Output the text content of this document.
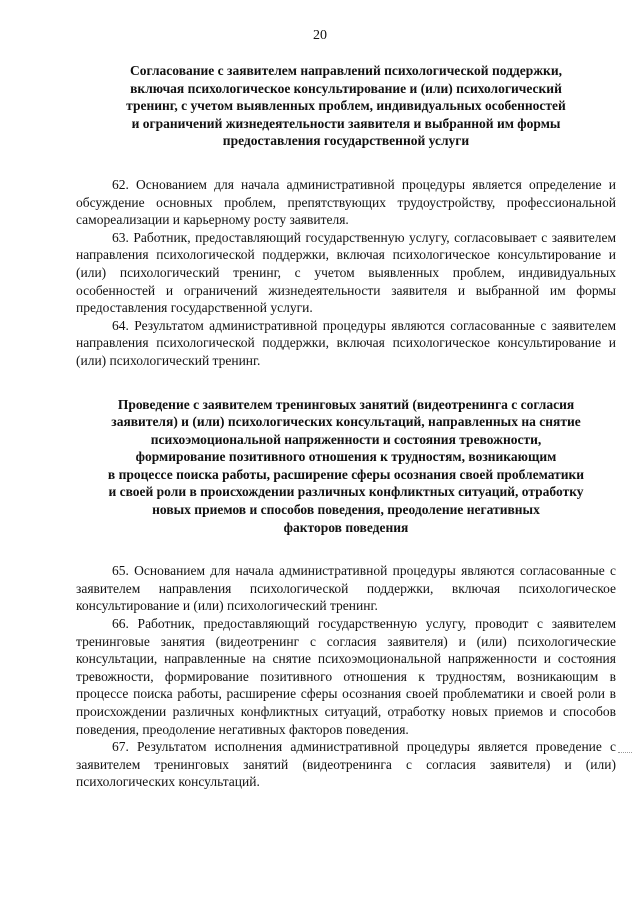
20
Согласование с заявителем направлений психологической поддержки,
включая психологическое консультирование и (или) психологический
тренинг, с учетом выявленных проблем, индивидуальных особенностей
и ограничений жизнедеятельности заявителя и выбранной им формы
предоставления государственной услуги

62. Основанием для начала административной процедуры является определение и обсуждение основных проблем, препятствующих трудоустройству, профессиональной самореализации и карьерному росту заявителя.

63. Работник, предоставляющий государственную услугу, согласовывает с заявителем направления психологической поддержки, включая психологическое консультирование и (или) психологический тренинг, с учетом выявленных проблем, индивидуальных особенностей и ограничений жизнедеятельности заявителя и выбранной им формы предоставления государственной услуги.

64. Результатом административной процедуры являются согласованные с заявителем направления психологической поддержки, включая психологическое консультирование и (или) психологический тренинг.

Проведение с заявителем тренинговых занятий (видеотренинга с согласия
заявителя) и (или) психологических консультаций, направленных на снятие
психоэмоциональной напряженности и состояния тревожности,
формирование позитивного отношения к трудностям, возникающим
в процессе поиска работы, расширение сферы осознания своей проблематики
и своей роли в происхождении различных конфликтных ситуаций, отработку
новых приемов и способов поведения, преодоление негативных
факторов поведения

65. Основанием для начала административной процедуры являются согласованные с заявителем направления психологической поддержки, включая психологическое консультирование и (или) психологический тренинг.

66. Работник, предоставляющий государственную услугу, проводит с заявителем тренинговые занятия (видеотренинг с согласия заявителя) и (или) психологические консультации, направленные на снятие психоэмоциональной напряженности и состояния тревожности, формирование позитивного отношения к трудностям, возникающим в процессе поиска работы, расширение сферы осознания своей проблематики и своей роли в происхождении различных конфликтных ситуаций, отработку новых приемов и способов поведения, преодоление негативных факторов поведения.

67. Результатом исполнения административной процедуры является проведение с заявителем тренинговых занятий (видеотренинга с согласия заявителя) и (или) психологических консультаций.
